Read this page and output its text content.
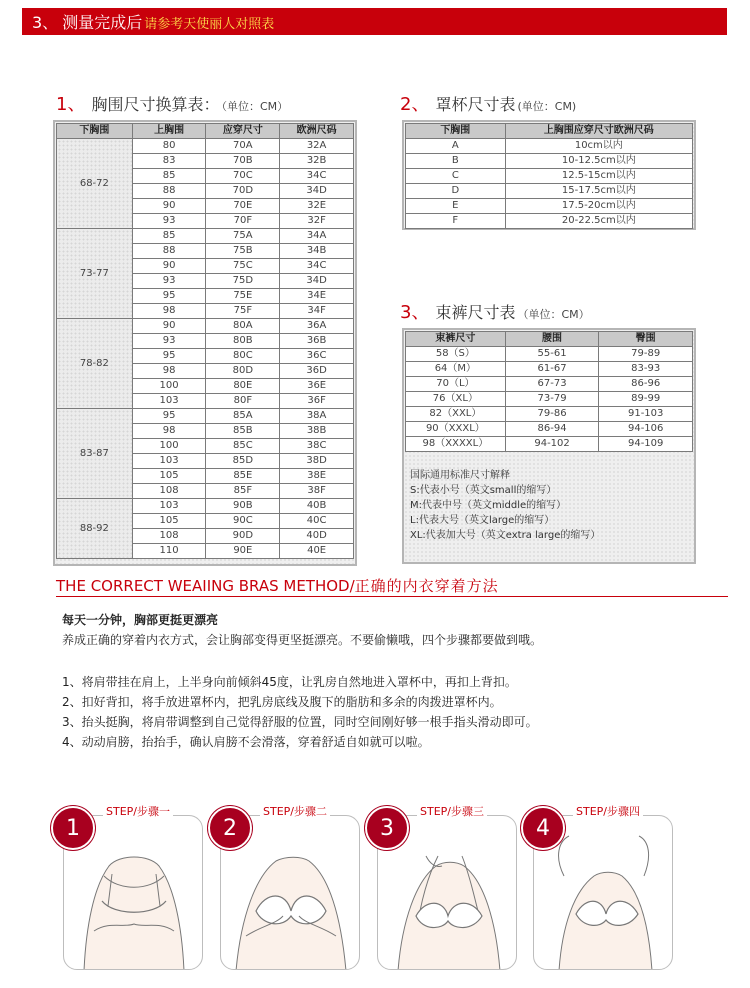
3、 测量完成后 请参考天使丽人对照表
1、 胸围尺寸换算表： （单位：CM）	2、 罩杯尺寸表 (单位：CM)
3、 束裤尺寸表 （单位：CM）
下胸围	上胸围	应穿尺寸	欧洲尺码
68-72	80	70A	32A
	83	70B	32B
	85	70C	34C
	88	70D	34D
	90	70E	32E
	93	70F	32F
73-77	85	75A	34A
	88	75B	34B
	90	75C	34C
	93	75D	34D
	95	75E	34E
	98	75F	34F
78-82	90	80A	36A
	93	80B	36B
	95	80C	36C
	98	80D	36D
	100	80E	36E
	103	80F	36F
83-87	95	85A	38A
	98	85B	38B
	100	85C	38C
	103	85D	38D
	105	85E	38E
	108	85F	38F
88-92	103	90B	40B
	105	90C	40C
	108	90D	40D
	110	90E	40E
下胸围	上胸围应穿尺寸欧洲尺码
A	10cm以内
B	10-12.5cm以内
C	12.5-15cm以内
D	15-17.5cm以内
E	17.5-20cm以内
F	20-22.5cm以内
束裤尺寸	腰围	臀围
58（S）	55-61	79-89
64（M）	61-67	83-93
70（L）	67-73	86-96
76（XL）	73-79	89-99
82（XXL）	79-86	91-103
90（XXXL）	86-94	94-106
98（XXXXL）	94-102	94-109
国际通用标准尺寸解释
S:代表小号（英文small的缩写）
M:代表中号（英文middle的缩写）
L:代表大号（英文large的缩写）
XL:代表加大号（英文extra large的缩写）
THE CORRECT WEAIING BRAS METHOD/正确的内衣穿着方法
每天一分钟，胸部更挺更漂亮
养成正确的穿着内衣方式，会让胸部变得更坚挺漂亮。不要偷懒哦，四个步骤都要做到哦。
1、将肩带挂在肩上，上半身向前倾斜45度，让乳房自然地进入罩杯中，再扣上背扣。
2、扣好背扣，将手放进罩杯内，把乳房底线及腹下的脂肪和多余的肉拨进罩杯内。
3、抬头挺胸，将肩带调整到自己觉得舒服的位置，同时空间刚好够一根手指头滑动即可。
4、动动肩膀，抬抬手，确认肩膀不会滑落，穿着舒适自如就可以啦。
STEP/步骤一	STEP/步骤二	STEP/步骤三	STEP/步骤四
1	2	3	4
